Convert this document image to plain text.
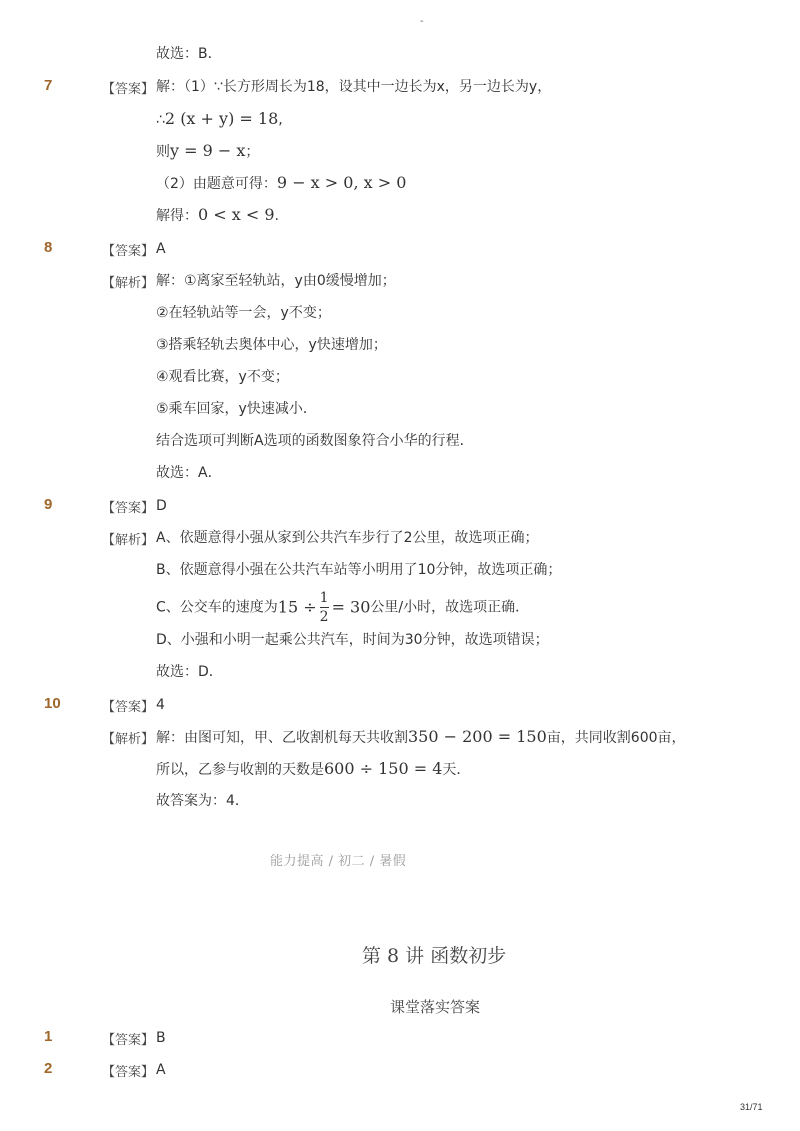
-
故选：B．
7	【答案】 解：（1）∵长方形周长为18，设其中一边长为x，另一边长为y，
∴2 (x + y) = 18,
则y = 9 − x；
（2）由题意可得：9 − x > 0, x > 0
解得：0 < x < 9.
8	【答案】 A
【解析】 解：①离家至轻轨站，y由0缓慢增加；
②在轻轨站等一会，y不变；
③搭乘轻轨去奥体中心，y快速增加；
④观看比赛，y不变；
⑤乘车回家，y快速减小．
结合选项可判断A选项的函数图象符合小华的行程．
故选：A．
9	【答案】 D
【解析】 A、依题意得小强从家到公共汽车步行了2公里，故选项正确；
B、依题意得小强在公共汽车站等小明用了10分钟，故选项正确；
C、公交车的速度为$15 \div \frac{1}{2} = 30$公里/小时，故选项正确．
D、小强和小明一起乘公共汽车，时间为30分钟，故选项错误；
故选：D．
10	【答案】 4
【解析】 解：由图可知，甲、乙收割机每天共收割350 − 200 = 150亩，共同收割600亩，
所以，乙参与收割的天数是600 ÷ 150 = 4天．
故答案为：4．
能力提高 / 初二 / 暑假
第 8 讲 函数初步
课堂落实答案
1	【答案】 B
2	【答案】 A
31/71
